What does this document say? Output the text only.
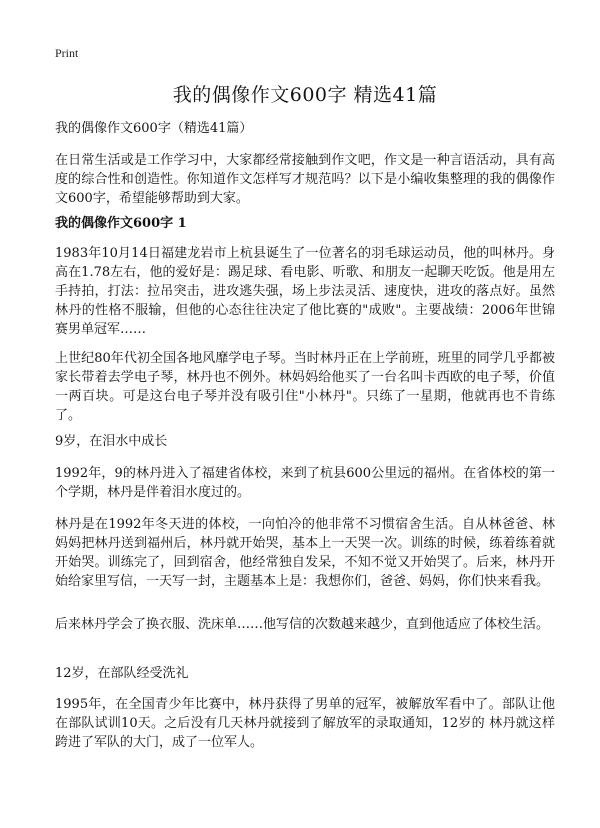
Print
我的偶像作文600字 精选41篇
我的偶像作文600字（精选41篇）
在日常生活或是工作学习中，大家都经常接触到作文吧，作文是一种言语活动，具有高度的综合性和创造性。你知道作文怎样写才规范吗？以下是小编收集整理的我的偶像作文600字，希望能够帮助到大家。
我的偶像作文600字 1
1983年10月14日福建龙岩市上杭县诞生了一位著名的羽毛球运动员，他的叫林丹。身高在1.78左右，他的爱好是：踢足球、看电影、听歌、和朋友一起聊天吃饭。他是用左手持拍，打法：拉吊突击，进攻逃失强，场上步法灵活、速度快，进攻的落点好。虽然林丹的性格不服输，但他的心态往往决定了他比赛的"成败"。主要战绩：2006年世锦赛男单冠军……
上世纪80年代初全国各地风靡学电子琴。当时林丹正在上学前班，班里的同学几乎都被家长带着去学电子琴，林丹也不例外。林妈妈给他买了一台名叫卡西欧的电子琴，价值一两百块。可是这台电子琴并没有吸引住"小林丹"。只练了一星期，他就再也不肯练了。
9岁，在泪水中成长
1992年，9的林丹进入了福建省体校，来到了杭县600公里远的福州。在省体校的第一个学期，林丹是伴着泪水度过的。
林丹是在1992年冬天进的体校，一向怕冷的他非常不习惯宿舍生活。自从林爸爸、林妈妈把林丹送到福州后，林丹就开始哭，基本上一天哭一次。训练的时候，练着练着就开始哭。训练完了，回到宿舍，他经常独自发呆，不知不觉又开始哭了。后来，林丹开始给家里写信，一天写一封，主题基本上是：我想你们，爸爸、妈妈，你们快来看我。
后来林丹学会了换衣服、洗床单……他写信的次数越来越少，直到他适应了体校生活。
12岁，在部队经受洗礼
1995年，在全国青少年比赛中，林丹获得了男单的冠军，被解放军看中了。部队让他在部队试训10天。之后没有几天林丹就接到了解放军的录取通知，12岁的 林丹就这样跨进了军队的大门，成了一位军人。
